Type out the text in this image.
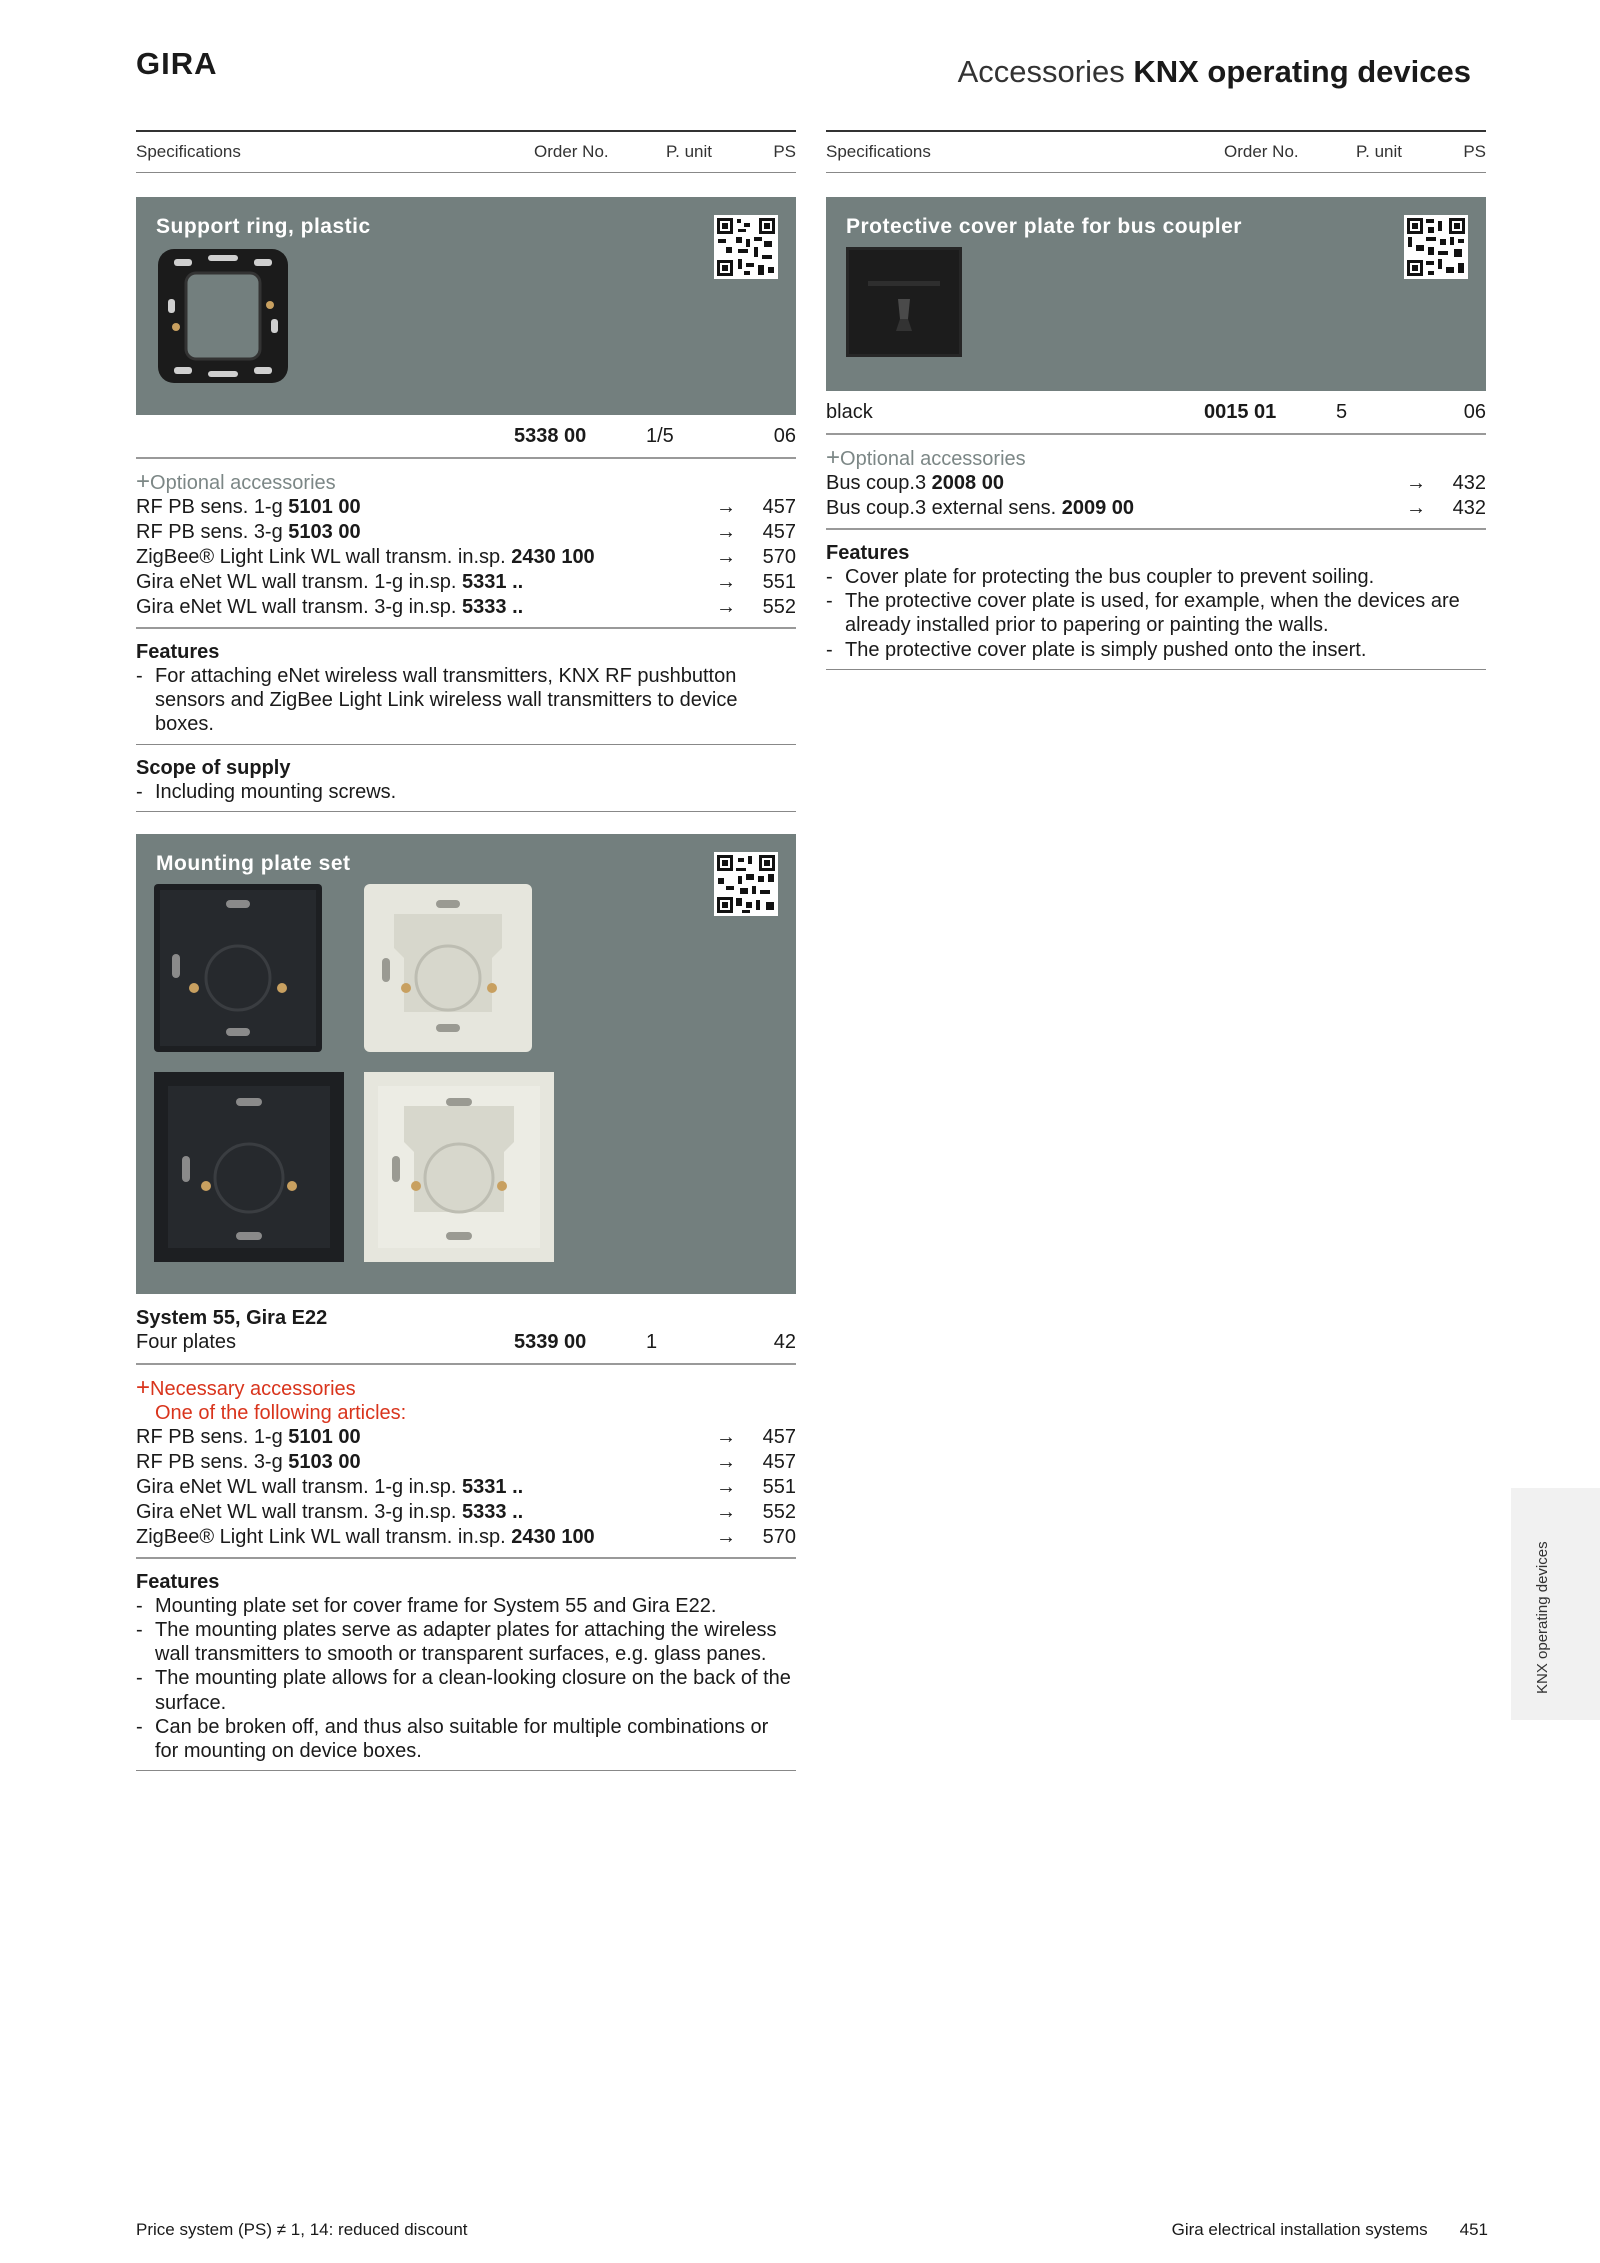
GIRA	Accessories KNX operating devices
Specifications	Order No.	P. unit	PS
Support ring, plastic
5338 00	1/5	06
+Optional accessories
RF PB sens. 1-g 5101 00	→	457
RF PB sens. 3-g 5103 00	→	457
ZigBee® Light Link WL wall transm. in.sp. 2430 100	→	570
Gira eNet WL wall transm. 1-g in.sp. 5331 ..	→	551
Gira eNet WL wall transm. 3-g in.sp. 5333 ..	→	552
Features
- For attaching eNet wireless wall transmitters, KNX RF pushbutton sensors and ZigBee Light Link wireless wall transmitters to device boxes.
Scope of supply
- Including mounting screws.
Mounting plate set
System 55, Gira E22
Four plates	5339 00	1	42
+Necessary accessories
One of the following articles:
RF PB sens. 1-g 5101 00	→	457
RF PB sens. 3-g 5103 00	→	457
Gira eNet WL wall transm. 1-g in.sp. 5331 ..	→	551
Gira eNet WL wall transm. 3-g in.sp. 5333 ..	→	552
ZigBee® Light Link WL wall transm. in.sp. 2430 100	→	570
Features
- Mounting plate set for cover frame for System 55 and Gira E22.
- The mounting plates serve as adapter plates for attaching the wireless wall transmitters to smooth or transparent surfaces, e.g. glass panes.
- The mounting plate allows for a clean-looking closure on the back of the surface.
- Can be broken off, and thus also suitable for multiple combinations or for mounting on device boxes.
Specifications	Order No.	P. unit	PS
Protective cover plate for bus coupler
black	0015 01	5	06
+Optional accessories
Bus coup.3 2008 00	→	432
Bus coup.3 external sens. 2009 00	→	432
Features
- Cover plate for protecting the bus coupler to prevent soiling.
- The protective cover plate is used, for example, when the devices are already installed prior to papering or painting the walls.
- The protective cover plate is simply pushed onto the insert.
KNX operating devices
Price system (PS) ≠ 1, 14: reduced discount	Gira electrical installation systems 451
